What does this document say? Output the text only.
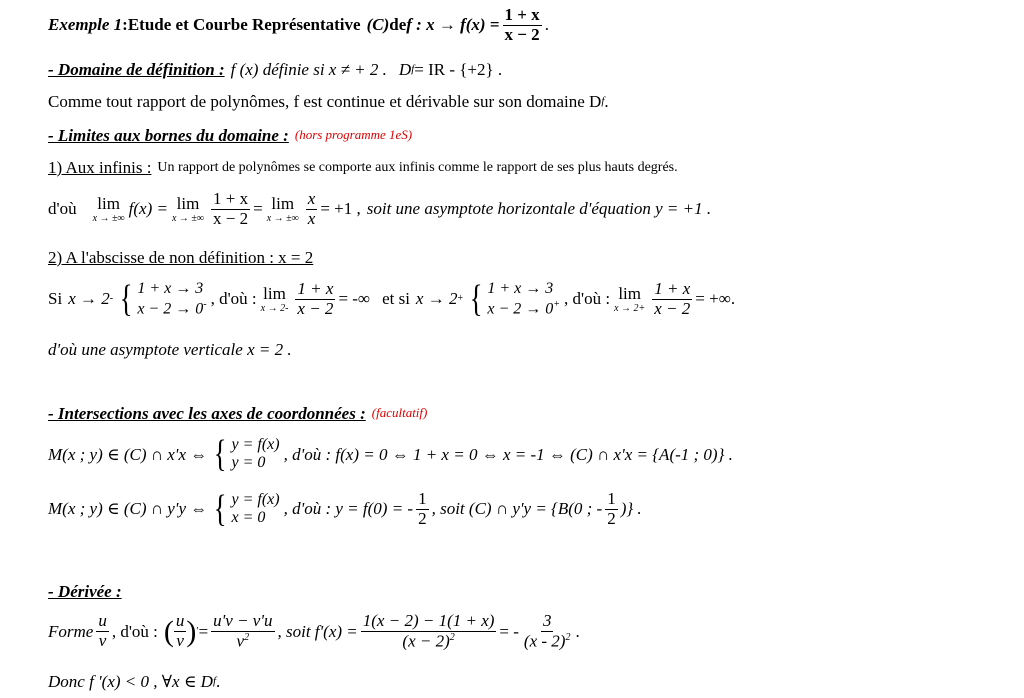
Exemple 1 : Etude et Courbe Représentative (C) de f : $x \to f(x) = \frac{1 + x}{x - 2}$ .
- Domaine de définition : f (x) définie si x ≠ + 2 . D f = IR - {+2} .
Comme tout rapport de polynômes, f est continue et dérivable sur son domaine D f .
- Limites aux bornes du domaine : (hors programme 1eS)
1) Aux infinis : Un rapport de polynômes se comporte aux infinis comme le rapport de ses plus hauts degrés.
d'où lim
x → ±∞ f(x) = lim
x → ±∞ $\frac{1 + x}{x - 2} = \lim$
x → ±∞ $\frac{x}{x} = +1$ , soit une asymptote horizontale d'équation y = +1 .
2) A l'abscisse de non définition : x = 2
Si x → 2 - { 1 + x → 3
x − 2 → 0- , d'où : lim
$x \to 2- \frac{1 + x}{x - 2}$ = -∞ et si x → 2 + { 1 + x → 3
x − 2 → 0+ , d'où : lim
$x \to 2+ \frac{1 + x}{x - 2}$ = +∞ .
d'où une asymptote verticale x = 2 .
- Intersections avec les axes de coordonnées : (facultatif)
M(x ; y) ∈ (C) ∩ x'x ⇔ { y = f(x)
y = 0	, d'où : f(x) = 0 ⇔ 1 + x = 0 ⇔ x = -1 ⇔ (C) ∩ x'x = {A(-1 ; 0)} .
M(x ; y) ∈ (C) ∩ y'y ⇔ { y = f(x)
x = 0	, d'où : y = f(0) = - $\frac{1}{2}$ , soit (C) ∩ y'y = {B(0 ; - $\frac{1}{2}$ )} .
- Dérivée :
Forme $\frac{u}{v}$ , d'où : ( $\frac{u}{v}$ ) ′ = $\frac{u'v - v'u}{v^2}$ , soit $f'(x) = \frac{1(x - 2) - 1(1 + x)}{(x - 2)^2}$ = - $\frac{3}{(x - 2)^2}$ .
Donc f '(x) < 0 , ∀x ∈ D f .
